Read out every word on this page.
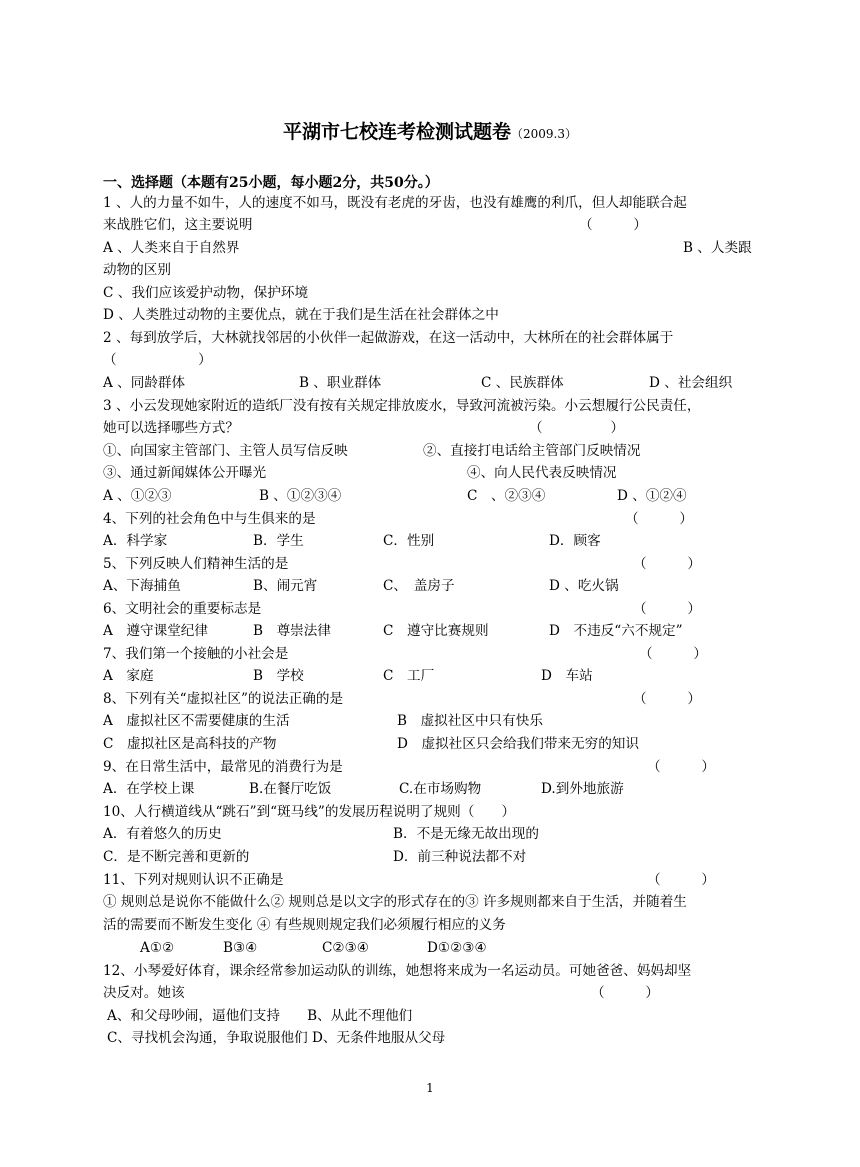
平湖市七校连考检测试题卷（2009.3）
一、选择题（本题有25小题，每小题2分，共50分。）
1 、人的力量不如牛，人的速度不如马，既没有老虎的牙齿，也没有雄鹰的利爪，但人却能联合起
来战胜它们，这主要说明	（　　　）
A 、人类来自于自然界	B 、人类跟
动物的区别
C 、我们应该爱护动物，保护环境
D 、人类胜过动物的主要优点，就在于我们是生活在社会群体之中
2 、每到放学后，大林就找邻居的小伙伴一起做游戏，在这一活动中，大林所在的社会群体属于
（　　　　　　）
A 、同龄群体	B 、职业群体	C 、民族群体	D 、社会组织
3 、小云发现她家附近的造纸厂没有按有关规定排放废水，导致河流被污染。小云想履行公民责任，
她可以选择哪些方式？	（　　　　　）
①、向国家主管部门、主管人员写信反映	②、直接打电话给主管部门反映情况
③、通过新闻媒体公开曝光	④、向人民代表反映情况
A 、①②③	B 、①②③④	C　、②③④	D 、①②④
4、下列的社会角色中与生俱来的是	（　　　）
A．科学家	B．学生	C．性别	D．顾客
5、下列反映人们精神生活的是	（　　　）
A、下海捕鱼	B、闹元宵	C、　盖房子	D 、吃火锅
6、文明社会的重要标志是	（　　　）
A　遵守课堂纪律	B　尊崇法律	C　遵守比赛规则	D　不违反“六不规定”
7、我们第一个接触的小社会是	（　　　）
A　家庭	B　学校	C　工厂	D　车站
8、下列有关“虚拟社区”的说法正确的是	（　　　）
A　虚拟社区不需要健康的生活	B　虚拟社区中只有快乐
C　虚拟社区是高科技的产物	D　虚拟社区只会给我们带来无穷的知识
9、在日常生活中，最常见的消费行为是	（　　　）
A．在学校上课	B.在餐厅吃饭	C.在市场购物	D.到外地旅游
10、人行横道线从“跳石”到“斑马线”的发展历程说明了规则（　　）
A．有着悠久的历史	B．不是无缘无故出现的
C．是不断完善和更新的	D．前三种说法都不对
11、下列对规则认识不正确是	（　　　）
① 规则总是说你不能做什么② 规则总是以文字的形式存在的③ 许多规则都来自于生活，并随着生
活的需要而不断发生变化 ④ 有些规则规定我们必须履行相应的义务
A①②	B③④	C②③④	D①②③④
12、小琴爱好体育，课余经常参加运动队的训练，她想将来成为一名运动员。可她爸爸、妈妈却坚
决反对。她该	（　　　）
A、和父母吵闹，逼他们支持　　B、从此不理他们
C、寻找机会沟通，争取说服他们 D、无条件地服从父母
1
